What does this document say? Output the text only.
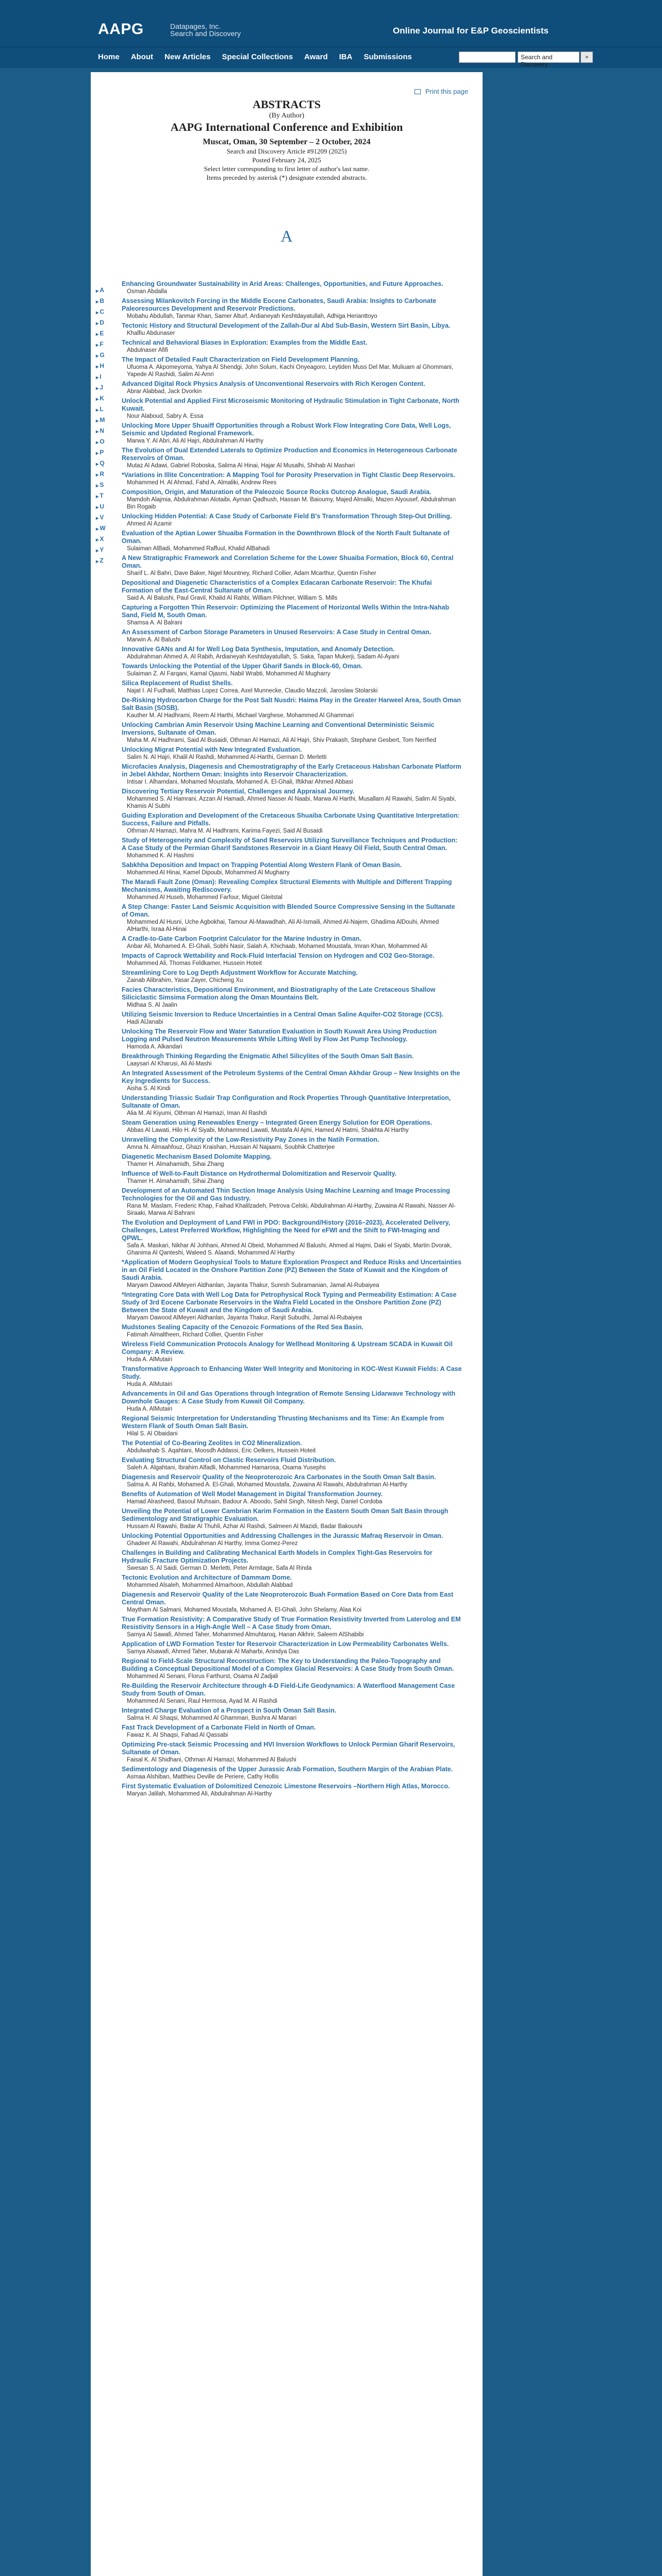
AAPG	Datapages, Inc.
Search and Discovery	Online Journal for E&P Geoscientists
Home About New Articles Special Collections Award IBA Submissions	Search and Discovery
»
Print this page
ABSTRACTS
(By Author)
AAPG International Conference and Exhibition
Muscat, Oman, 30 September – 2 October, 2024
Search and Discovery Article #91209 (2025)
Posted February 24, 2025
Select letter corresponding to first letter of author's last name.
Items preceded by asterisk (*) designate extended abstracts.
A
▶ A
▶ B
▶ C
▶ D
▶ E
▶ F
▶ G
▶ H
▶ I
▶ J
▶ K
▶ L
▶ M
▶ N
▶ O
▶ P
▶ Q
▶ R
▶ S
▶ T
▶ U
▶ V
▶ W
▶ X
▶ Y
▶ Z
Enhancing Groundwater Sustainability in Arid Areas: Challenges, Opportunities, and Future Approaches.
Osman Abdalla
Assessing Milankovitch Forcing in the Middle Eocene Carbonates, Saudi Arabia: Insights to Carbonate Paleoresources Development and Reservoir Predictions.
Mobahu Abdullah, Tanmar Khan, Samer Alturf, Ardianeyah Keshtdayatullah, Adhiga Herianttoyo
Tectonic History and Structural Development of the Zallah-Dur al Abd Sub-Basin, Western Sirt Basin, Libya.
Khalfiu Abdunaser
Technical and Behavioral Biases in Exploration: Examples from the Middle East.
Abdulnaser Afifi
The Impact of Detailed Fault Characterization on Field Development Planning.
Ufuoma A. Akpomeyoma, Yahya Al Shendgi, John Solum, Kachi Onyeagoro, Leytiden Muss Del Mar, Muliuam al Ghommani, Yapede Al Rashidi, Salim Al-Amri
Advanced Digital Rock Physics Analysis of Unconventional Reservoirs with Rich Kerogen Content.
Abrar Alabbad, Jack Dvorkin
Unlock Potential and Applied First Microseismic Monitoring of Hydraulic Stimulation in Tight Carbonate, North Kuwait.
Nour Alaboud, Sabry A. Essa
Unlocking More Upper Shuaiff Opportunities through a Robust Work Flow Integrating Core Data, Well Logs, Seismic and Updated Regional Framework.
Marwa Y. Al Abri, Ali Al Hajri, Abdulrahman Al Harthy
The Evolution of Dual Extended Laterals to Optimize Production and Economics in Heterogeneous Carbonate Reservoirs of Oman.
Mutaz Al Adawi, Gabriel Roboska, Salima Al Hinai, Hajar Al Musalhi, Shihab Al Mashari
*Variations in Illite Concentration: A Mapping Tool for Porosity Preservation in Tight Clastic Deep Reservoirs.
Mohammed H. Al Ahmad, Fahd A. Almaliki, Andrew Rees
Composition, Origin, and Maturation of the Paleozoic Source Rocks Outcrop Analogue, Saudi Arabia.
Mamdoh Alajmia, Abdulrahman Alotaibi, Ayman Qadhush, Hassan M. Baioumy, Majed Almalki, Mazen Alyousef, Abdulrahman Bin Rogaib
Unlocking Hidden Potential: A Case Study of Carbonate Field B's Transformation Through Step-Out Drilling.
Ahmed Al Azamir
Evaluation of the Aptian Lower Shuaiba Formation in the Downthrown Block of the North Fault Sultanate of Oman.
Sulaiman AlBadi, Mohammed Raffuul, Khalid AlBahadi
A New Stratigraphic Framework and Correlation Scheme for the Lower Shuaiba Formation, Block 60, Central Oman.
Sharif L. Al Bahri, Dave Baker, Nigel Mountney, Richard Collier, Adam Mcarthur, Quentin Fisher
Depositional and Diagenetic Characteristics of a Complex Edacaran Carbonate Reservoir: The Khufai Formation of the East-Central Sultanate of Oman.
Said A. Al Balushi, Paul Gravil, Khalid Al Rahbi, William Pilchner, William S. Mills
Capturing a Forgotten Thin Reservoir: Optimizing the Placement of Horizontal Wells Within the Intra-Nahab Sand, Field M, South Oman.
Shamsa A. Al Balrani
An Assessment of Carbon Storage Parameters in Unused Reservoirs: A Case Study in Central Oman.
Marwin A. Al Balushi
Innovative GANs and AI for Well Log Data Synthesis, Imputation, and Anomaly Detection.
Abdulrahman Ahmed A. Al Rabih, Ardianeyah Keshtdayatullah, S. Saka, Tapan Mukerji, Sadam Al-Ayani
Towards Unlocking the Potential of the Upper Gharif Sands in Block-60, Oman.
Sulaiman Z. Al Farqani, Kamal Ojasmi, Nabil Wrabti, Mohammed Al Mugharry
Silica Replacement of Rudist Shells.
Najat I. Al Fudhaili, Matthias Lopez Correa, Axel Munnecke, Claudio Mazzoli, Jaroslaw Stolarski
De-Risking Hydrocarbon Charge for the Post Salt Nusdri: Haima Play in the Greater Harweel Area, South Oman Salt Basin (SOSB).
Kauther M. Al Hadhrami, Reem Al Harthi, Michael Varghese, Mohammed Al Ghammari
Unlocking Cambrian Amin Reservoir Using Machine Learning and Conventional Deterministic Seismic Inversions, Sultanate of Oman.
Maha M. Al Hadhrami, Said Al Busaidi, Othman Al Hamazi, Ali Al Hajri, Shiv Prakash, Stephane Gesbert, Tom Nerrfied
Unlocking Migrat Potential with New Integrated Evaluation.
Salim N. Al Hajri, Khalil Al Rashdi, Mohammed Al-Harthi, German D. Merletti
Microfacies Analysis, Diagenesis and Chemostratigraphy of the Early Cretaceous Habshan Carbonate Platform in Jebel Akhdar, Northern Oman: Insights into Reservoir Characterization.
Intisar I. Alhamdani, Mohamed Moustafa, Mohamed A. El-Ghali, Iftikhar Ahmed Abbasi
Discovering Tertiary Reservoir Potential, Challenges and Appraisal Journey.
Mohammed S. Al Hamrani, Azzan Al Hamadi, Ahmed Nasser Al Naabi, Marwa Al Harthi, Musallam Al Rawahi, Salim Al Siyabi, Khamis Al Subhi
Guiding Exploration and Development of the Cretaceous Shuaiba Carbonate Using Quantitative Interpretation: Success, Failure and Pitfalls.
Othman Al Hamazi, Mahra M. Al Hadhrami, Karima Fayezi, Said Al Busaidi
Study of Heterogeneity and Complexity of Sand Reservoirs Utilizing Surveillance Techniques and Production: A Case Study of the Permian Gharif Sandstones Reservoir in a Giant Heavy Oil Field, South Central Oman.
Mohammed K. Al Hashmi
Sabkhha Deposition and Impact on Trapping Potential Along Western Flank of Oman Basin.
Mohammed Al Hinai, Kamel Dipoubi, Mohammed Al Mugharry
The Maradi Fault Zone (Oman): Revealing Complex Structural Elements with Multiple and Different Trapping Mechanisms, Awaiting Rediscovery.
Mohammed Al Huseb, Mohammed Farfour, Miguel Gleitstal
A Step Change: Faster Land Seismic Acquisition with Blended Source Compressive Sensing in the Sultanate of Oman.
Mohammed Al Husni, Uche Agbokhai, Tamour Al-Mawadhah, Ali Al-Ismaili, Ahmed Al-Najem, Ghadima AlDouhi, Ahmed AlHarthi, Israa Al-Hinai
A Cradle-to-Gate Carbon Footprint Calculator for the Marine Industry in Oman.
Anbar Ali, Mohamed A. El-Ghali, Sobhi Nasir, Salah A. Khichaab, Mohamed Moustafa, Imran Khan, Mohammed Ali
Impacts of Caprock Wettability and Rock-Fluid Interfacial Tension on Hydrogen and CO2 Geo-Storage.
Mohammed Ali, Thomas Feldkamer, Hussein Hoteit
Streamlining Core to Log Depth Adjustment Workflow for Accurate Matching.
Zainab Alibrahim, Yasar Zayer, Chicheng Xu
Facies Characteristics, Depositional Environment, and Biostratigraphy of the Late Cretaceous Shallow Siliciclastic Simsima Formation along the Oman Mountains Belt.
Midhaa S. Al Jaalin
Utilizing Seismic Inversion to Reduce Uncertainties in a Central Oman Saline Aquifer-CO2 Storage (CCS).
Hadi AlJanabi
Unlocking The Reservoir Flow and Water Saturation Evaluation in South Kuwait Area Using Production Logging and Pulsed Neutron Measurements While Lifting Well by Flow Jet Pump Technology.
Hamoda A. Alkandari
Breakthrough Thinking Regarding the Enigmatic Athel Silicylites of the South Oman Salt Basin.
Laaysari Al Kharusi, Ali Al-Mashi
An Integrated Assessment of the Petroleum Systems of the Central Oman Akhdar Group – New Insights on the Key Ingredients for Success.
Aisha S. Al Kindi
Understanding Triassic Sudair Trap Configuration and Rock Properties Through Quantitative Interpretation, Sultanate of Oman.
Alia M. Al Kiyumi, Othman Al Hamazi, Iman Al Rashdi
Steam Generation using Renewables Energy – Integrated Green Energy Solution for EOR Operations.
Abbas Al Lawati, Hilo H. Al Siyabi, Mohammed Lawati, Mustafa Al Ajmi, Hamed Al Hatmi, Shakhta Al Harthy
Unravelling the Complexity of the Low-Resistivity Pay Zones in the Natih Formation.
Amna N. Almaahfouz, Ghazi Kraishan, Hussain Al Najaami, Soubhik Chatterjee
Diagenetic Mechanism Based Dolomite Mapping.
Thamer H. Almahamidh, Sihai Zhang
Influence of Well-to-Fault Distance on Hydrothermal Dolomitization and Reservoir Quality.
Thamer H. Almahamidh, Sihai Zhang
Development of an Automated Thin Section Image Analysis Using Machine Learning and Image Processing Technologies for the Oil and Gas Industry.
Rana M. Maslam, Frederic Khap, Faihad Khalilzadeh, Petrova Celski, Abdulrahman Al-Harthy, Zuwaina Al Rawahi, Nasser Al-Siraaki, Marwa Al Bahrani
The Evolution and Deployment of Land FWI in PDO: Background/History (2016–2023), Accelerated Delivery, Challenges, Latest Preferred Workflow, Highlighting the Need for eFWI and the Shift to FWI-Imaging and QPWL.
Safa A. Maskari, Nikhar Al Johhani, Ahmed Al Obeid, Mohammed Al Balushi, Ahmed al Hajmi, Daki el Siyabi, Martin Dvorak, Ghanima Al Qanteshi, Waleed S. Alaandi, Mohammed Al Harthy
*Application of Modern Geophysical Tools to Mature Exploration Prospect and Reduce Risks and Uncertainties in an Oil Field Located in the Onshore Partition Zone (PZ) Between the State of Kuwait and the Kingdom of Saudi Arabia.
Maryam Dawood AlMeyeri Aldhanlan, Jayanta Thakur, Suresh Subramanian, Jamal Al-Rubaiyea
*Integrating Core Data with Well Log Data for Petrophysical Rock Typing and Permeability Estimation: A Case Study of 3rd Eocene Carbonate Reservoirs in the Wafra Field Located in the Onshore Partition Zone (PZ) Between the State of Kuwait and the Kingdom of Saudi Arabia.
Maryam Dawood AlMeyeri Aldhanlan, Jayanta Thakur, Ranjit Subudhi, Jamal Al-Rubaiyea
Mudstones Sealing Capacity of the Cenozoic Formations of the Red Sea Basin.
Fatimah Almaltheen, Richard Collier, Quentin Fisher
Wireless Field Communication Protocols Analogy for Wellhead Monitoring & Upstream SCADA in Kuwait Oil Company: A Review.
Huda A. AlMutairi
Transformative Approach to Enhancing Water Well Integrity and Monitoring in KOC-West Kuwait Fields: A Case Study.
Huda A. AlMutairi
Advancements in Oil and Gas Operations through Integration of Remote Sensing Lidarwave Technology with Downhole Gauges: A Case Study from Kuwait Oil Company.
Huda A. AlMutairi
Regional Seismic Interpretation for Understanding Thrusting Mechanisms and Its Time: An Example from Western Flank of South Oman Salt Basin.
Hilal S. Al Obaidani
The Potential of Co-Bearing Zeolites in CO2 Mineralization.
Abdulwahab S. Aqahtani, Moosdh Addassi, Eric Oelkers, Hussein Hoteit
Evaluating Structural Control on Clastic Reservoirs Fluid Distribution.
Saleh A. Algahtani, Ibrahim Alfadli, Mohammed Hamarosa, Osama Yusephs
Diagenesis and Reservoir Quality of the Neoproterozoic Ara Carbonates in the South Oman Salt Basin.
Salma A. Al Rahbi, Mohamed A. El-Ghali, Mohamed Moustafa, Zuwaina Al Rawahi, Abdulrahman Al-Harthy
Benefits of Automation of Well Model Management in Digital Transformation Journey.
Hamad Alrasheed, Basoul Muhsain, Badour A. Aboodo, Sahil Singh, Nitesh Negi, Daniel Cordoba
Unveiling the Potential of Lower Cambrian Karim Formation in the Eastern South Oman Salt Basin through Sedimentology and Stratigraphic Evaluation.
Hussam Al Rawahi, Badar Al Thuhli, Azhar Al Rashdi, Salmeen Al Mazidi, Badar Bakoushi
Unlocking Potential Opportunities and Addressing Challenges in the Jurassic Mafraq Reservoir in Oman.
Ghadeer Al Rawahi, Abdulrahman Al Harthy, Imma Gomez-Perez
Challenges in Building and Calibrating Mechanical Earth Models in Complex Tight-Gas Reservoirs for Hydraulic Fracture Optimization Projects.
Swesan S. Al Saidi, German D. Merletti, Peter Armitage, Safa Al Rinda
Tectonic Evolution and Architecture of Dammam Dome.
Mohammed Alsaleh, Mohammed Almarhoon, Abdullah Alabbad
Diagenesis and Reservoir Quality of the Late Neoproterozoic Buah Formation Based on Core Data from East Central Oman.
Maytham Al Salmani, Mohamed Moustafa, Mohamed A. El-Ghali, John Shelamy, Alaa Koi
True Formation Resistivity: A Comparative Study of True Formation Resistivity Inverted from Laterolog and EM Resistivity Sensors in a High-Angle Well – A Case Study from Oman.
Samya Al Sawafi, Ahmed Taher, Mohammed Almuhtaroq, Hanan Alkhrir, Saleem AlShabibi
Application of LWD Formation Tester for Reservoir Characterization in Low Permeability Carbonates Wells.
Samya Alsawafi, Ahmed Taher, Mubarak Al Maharbi, Anindya Das
Regional to Field-Scale Structural Reconstruction: The Key to Understanding the Paleo-Topography and Building a Conceptual Depositional Model of a Complex Glacial Reservoirs: A Case Study from South Oman.
Mohammed Al Senani, Florus Farthurst, Osama Al Zadjali
Re-Building the Reservoir Architecture through 4-D Field-Life Geodynamics: A Waterflood Management Case Study from South of Oman.
Mohammed Al Senani, Raul Hermosa, Ayad M. Al Rashdi
Integrated Charge Evaluation of a Prospect in South Oman Salt Basin.
Salma H. Al Shaqsi, Mohammed Al Ghammari, Bushra Al Manari
Fast Track Development of a Carbonate Field in North of Oman.
Fawaz K. Al Shaqsi, Fahad Al Qassabi
Optimizing Pre-stack Seismic Processing and HVI Inversion Workflows to Unlock Permian Gharif Reservoirs, Sultanate of Oman.
Faisal K. Al Shidhani, Othman Al Hamazi, Mohammed Al Balushi
Sedimentology and Diagenesis of the Upper Jurassic Arab Formation, Southern Margin of the Arabian Plate.
Asmaa Alshiban, Matthieu Deville de Periere, Cathy Hollis
First Systematic Evaluation of Dolomitized Cenozoic Limestone Reservoirs –Northern High Atlas, Morocco.
Maryan Jalilah, Mohammed Ali, Abdulrahman Al-Harthy
